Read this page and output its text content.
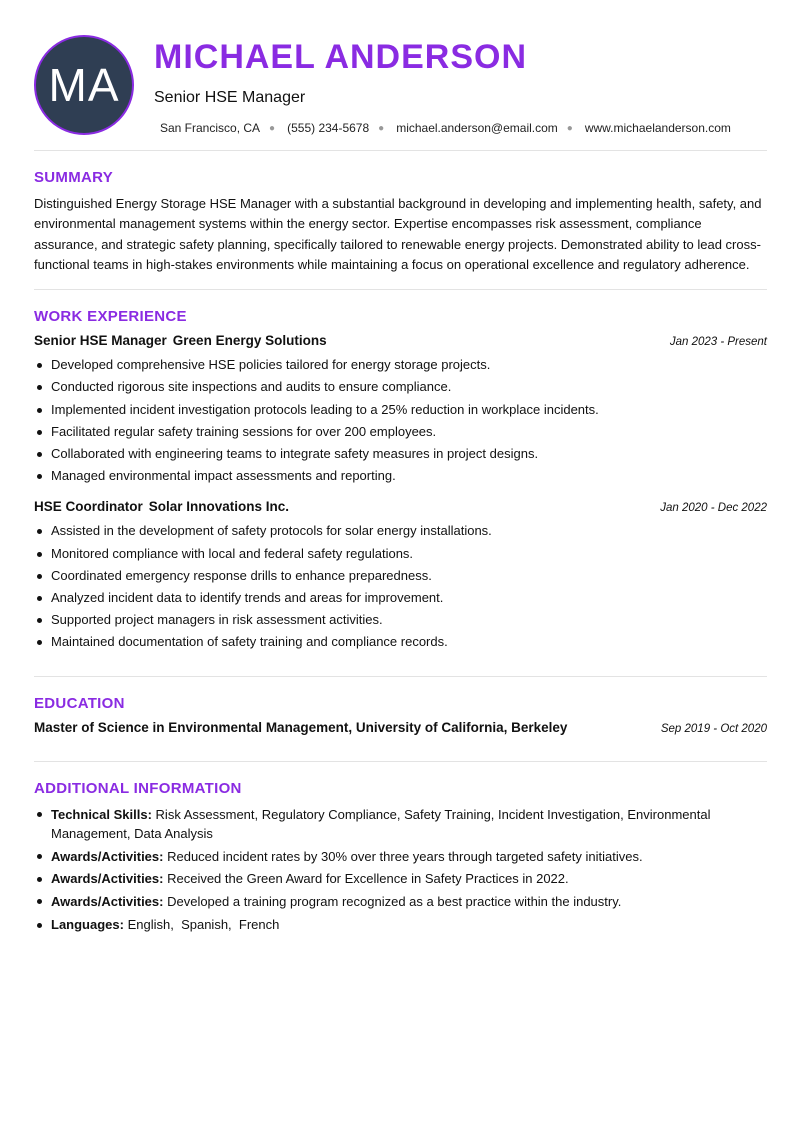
MA
MICHAEL ANDERSON
Senior HSE Manager
San Francisco, CA ● (555) 234-5678 ● michael.anderson@email.com ● www.michaelanderson.com
SUMMARY

Distinguished Energy Storage HSE Manager with a substantial background in developing and implementing health, safety, and environmental management systems within the energy sector. Expertise encompasses risk assessment, compliance assurance, and strategic safety planning, specifically tailored to renewable energy projects. Demonstrated ability to lead cross-functional teams in high-stakes environments while maintaining a focus on operational excellence and regulatory adherence.

WORK EXPERIENCE
Senior HSE Manager Green Energy Solutions	Jan 2023 - Present
Developed comprehensive HSE policies tailored for energy storage projects.
Conducted rigorous site inspections and audits to ensure compliance.
Implemented incident investigation protocols leading to a 25% reduction in workplace incidents.
Facilitated regular safety training sessions for over 200 employees.
Collaborated with engineering teams to integrate safety measures in project designs.
Managed environmental impact assessments and reporting.
HSE Coordinator Solar Innovations Inc.	Jan 2020 - Dec 2022
Assisted in the development of safety protocols for solar energy installations.
Monitored compliance with local and federal safety regulations.
Coordinated emergency response drills to enhance preparedness.
Analyzed incident data to identify trends and areas for improvement.
Supported project managers in risk assessment activities.
Maintained documentation of safety training and compliance records.
EDUCATION
Master of Science in Environmental Management, University of California, Berkeley	Sep 2019 - Oct 2020
ADDITIONAL INFORMATION
Technical Skills: Risk Assessment, Regulatory Compliance, Safety Training, Incident Investigation, Environmental Management, Data Analysis
Awards/Activities: Reduced incident rates by 30% over three years through targeted safety initiatives.
Awards/Activities: Received the Green Award for Excellence in Safety Practices in 2022.
Awards/Activities: Developed a training program recognized as a best practice within the industry.
Languages: English,  Spanish,  French
